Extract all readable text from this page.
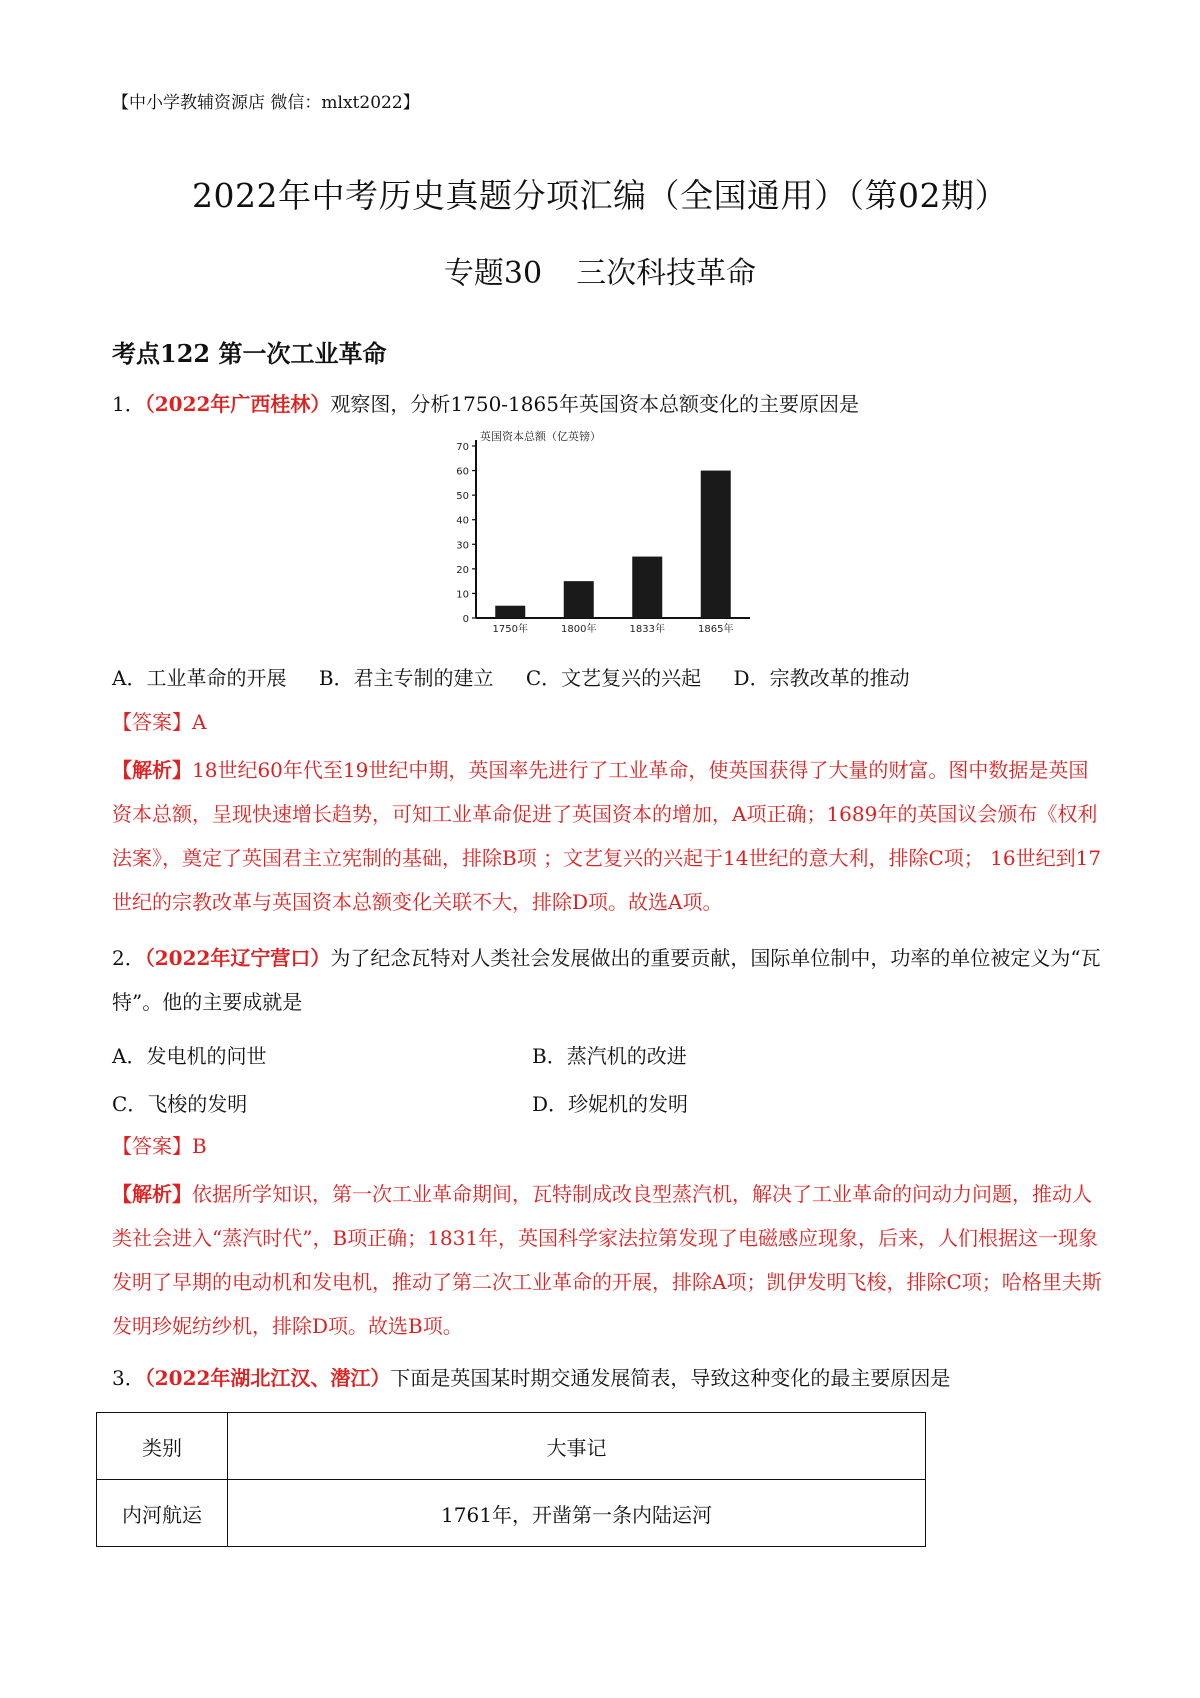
【中小学教辅资源店 微信：mlxt2022】
2022年中考历史真题分项汇编（全国通用）（第02期）
专题30 三次科技革命
考点122 第一次工业革命
1．（2022年广西桂林）观察图，分析1750-1865年英国资本总额变化的主要原因是
英国资本总额（亿英镑）
0
10
20
30
40
50
60
70
1750年	1800年	1833年	1865年
A．工业革命的开展 B．君主专制的建立 C．文艺复兴的兴起 D．宗教改革的推动
【答案】A
【解析】18世纪60年代至19世纪中期，英国率先进行了工业革命，使英国获得了大量的财富。图中数据是英国资本总额，呈现快速增长趋势，可知工业革命促进了英国资本的增加，A项正确；1689年的英国议会颁布《权利法案》，奠定了英国君主立宪制的基础，排除B项 ；文艺复兴的兴起于14世纪的意大利，排除C项； 16世纪到17世纪的宗教改革与英国资本总额变化关联不大，排除D项。故选A项。
2．（2022年辽宁营口）为了纪念瓦特对人类社会发展做出的重要贡献，国际单位制中，功率的单位被定义为“瓦特”。他的主要成就是
A．发电机的问世	B．蒸汽机的改进
C．飞梭的发明	D．珍妮机的发明
【答案】B
【解析】依据所学知识，第一次工业革命期间，瓦特制成改良型蒸汽机，解决了工业革命的问动力问题，推动人类社会进入“蒸汽时代”，B项正确；1831年，英国科学家法拉第发现了电磁感应现象，后来，人们根据这一现象发明了早期的电动机和发电机，推动了第二次工业革命的开展，排除A项；凯伊发明飞梭，排除C项；哈格里夫斯发明珍妮纺纱机，排除D项。故选B项。
3．（2022年湖北江汉、潜江）下面是英国某时期交通发展简表，导致这种变化的最主要原因是
类别	大事记
内河航运	1761年，开凿第一条内陆运河
